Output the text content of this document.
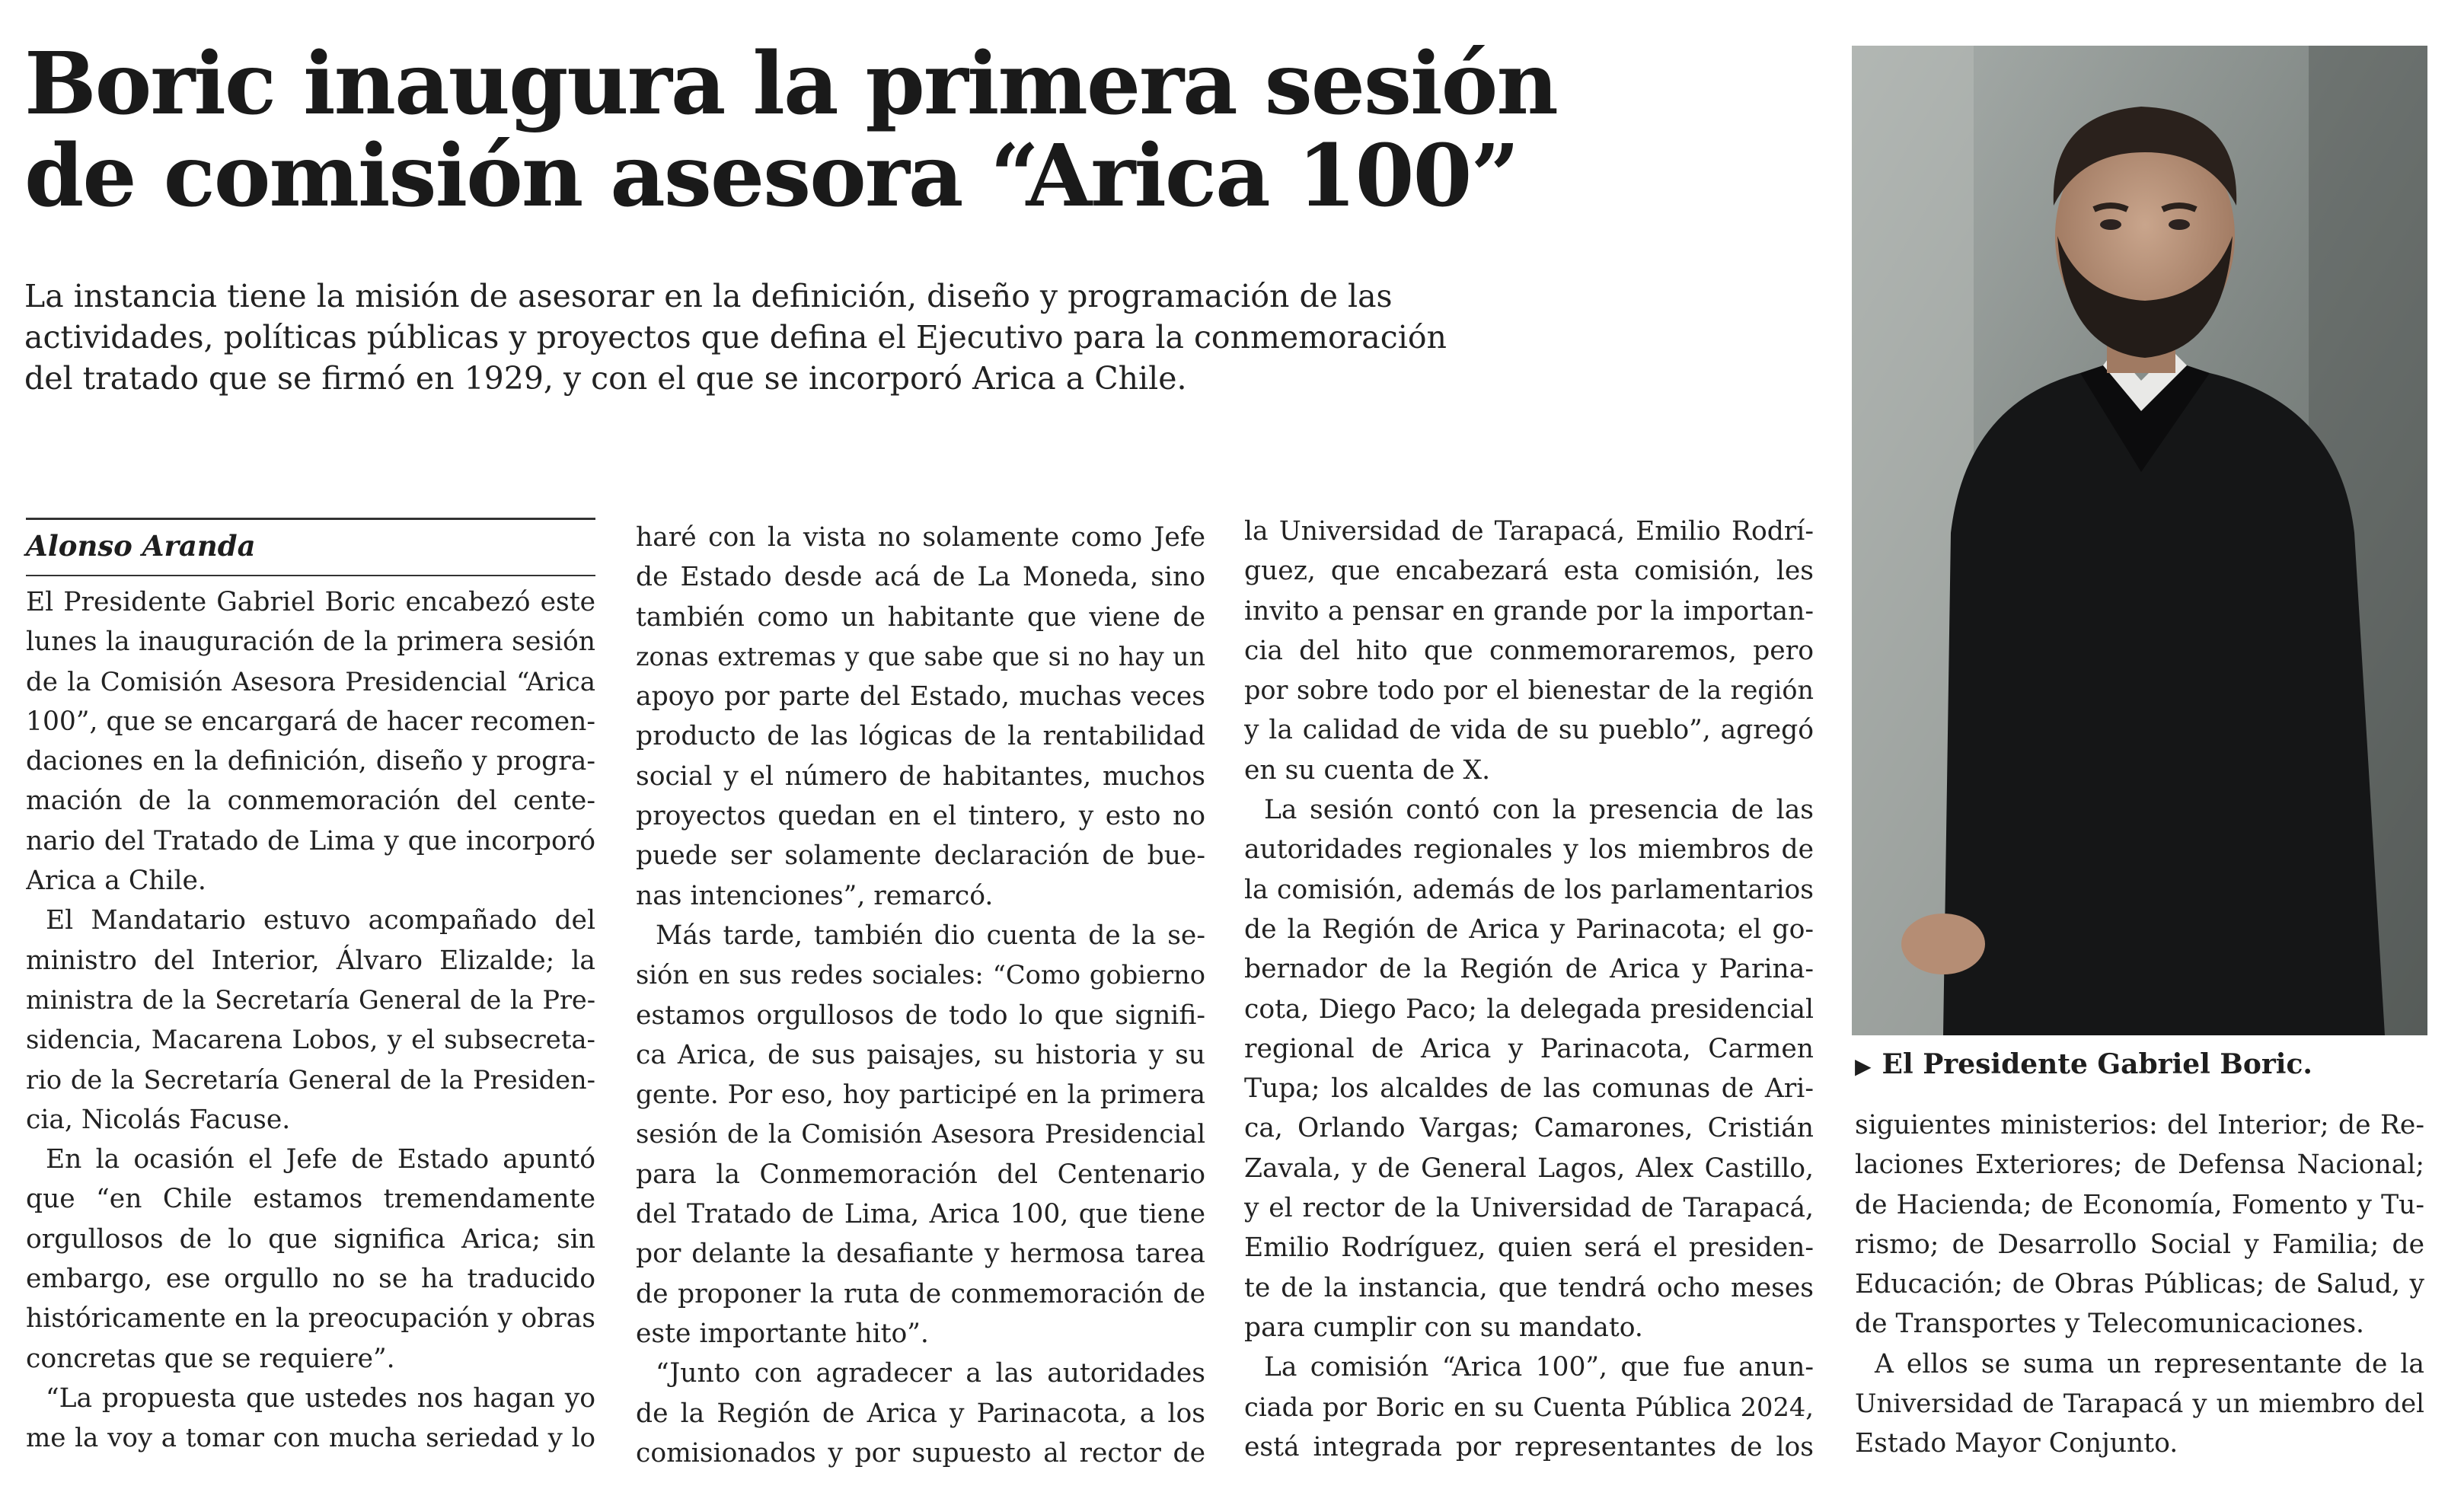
Boric inaugura la primera sesión
de comisión asesora “Arica 100”

La instancia tiene la misión de asesorar en la definición, diseño y programación de las
actividades, políticas públicas y proyectos que defina el Ejecutivo para la conmemoración
del tratado que se firmó en 1929, y con el que se incorporó Arica a Chile.

Alonso Aranda
El Presidente Gabriel Boric encabezó este
lunes la inauguración de la primera sesión
de la Comisión Asesora Presidencial “Arica
100”, que se encargará de hacer recomen-
daciones en la definición, diseño y progra-
mación de la conmemoración del cente-
nario del Tratado de Lima y que incorporó
Arica a Chile.
El Mandatario estuvo acompañado del
ministro del Interior, Álvaro Elizalde; la
ministra de la Secretaría General de la Pre-
sidencia, Macarena Lobos, y el subsecreta-
rio de la Secretaría General de la Presiden-
cia, Nicolás Facuse.
En la ocasión el Jefe de Estado apuntó
que “en Chile estamos tremendamente
orgullosos de lo que significa Arica; sin
embargo, ese orgullo no se ha traducido
históricamente en la preocupación y obras
concretas que se requiere”.
“La propuesta que ustedes nos hagan yo
me la voy a tomar con mucha seriedad y lo
haré con la vista no solamente como Jefe
de Estado desde acá de La Moneda, sino
también como un habitante que viene de
zonas extremas y que sabe que si no hay un
apoyo por parte del Estado, muchas veces
producto de las lógicas de la rentabilidad
social y el número de habitantes, muchos
proyectos quedan en el tintero, y esto no
puede ser solamente declaración de bue-
nas intenciones”, remarcó.
Más tarde, también dio cuenta de la se-
sión en sus redes sociales: “Como gobierno
estamos orgullosos de todo lo que signifi-
ca Arica, de sus paisajes, su historia y su
gente. Por eso, hoy participé en la primera
sesión de la Comisión Asesora Presidencial
para la Conmemoración del Centenario
del Tratado de Lima, Arica 100, que tiene
por delante la desafiante y hermosa tarea
de proponer la ruta de conmemoración de
este importante hito”.
“Junto con agradecer a las autoridades
de la Región de Arica y Parinacota, a los
comisionados y por supuesto al rector de
la Universidad de Tarapacá, Emilio Rodrí-
guez, que encabezará esta comisión, les
invito a pensar en grande por la importan-
cia del hito que conmemoraremos, pero
por sobre todo por el bienestar de la región
y la calidad de vida de su pueblo”, agregó
en su cuenta de X.
La sesión contó con la presencia de las
autoridades regionales y los miembros de
la comisión, además de los parlamentarios
de la Región de Arica y Parinacota; el go-
bernador de la Región de Arica y Parina-
cota, Diego Paco; la delegada presidencial
regional de Arica y Parinacota, Carmen
Tupa; los alcaldes de las comunas de Ari-
ca, Orlando Vargas; Camarones, Cristián
Zavala, y de General Lagos, Alex Castillo,
y el rector de la Universidad de Tarapacá,
Emilio Rodríguez, quien será el presiden-
te de la instancia, que tendrá ocho meses
para cumplir con su mandato.
La comisión “Arica 100”, que fue anun-
ciada por Boric en su Cuenta Pública 2024,
está integrada por representantes de los
▶ El Presidente Gabriel Boric.
siguientes ministerios: del Interior; de Re-
laciones Exteriores; de Defensa Nacional;
de Hacienda; de Economía, Fomento y Tu-
rismo; de Desarrollo Social y Familia; de
Educación; de Obras Públicas; de Salud, y
de Transportes y Telecomunicaciones.
A ellos se suma un representante de la
Universidad de Tarapacá y un miembro del
Estado Mayor Conjunto.
